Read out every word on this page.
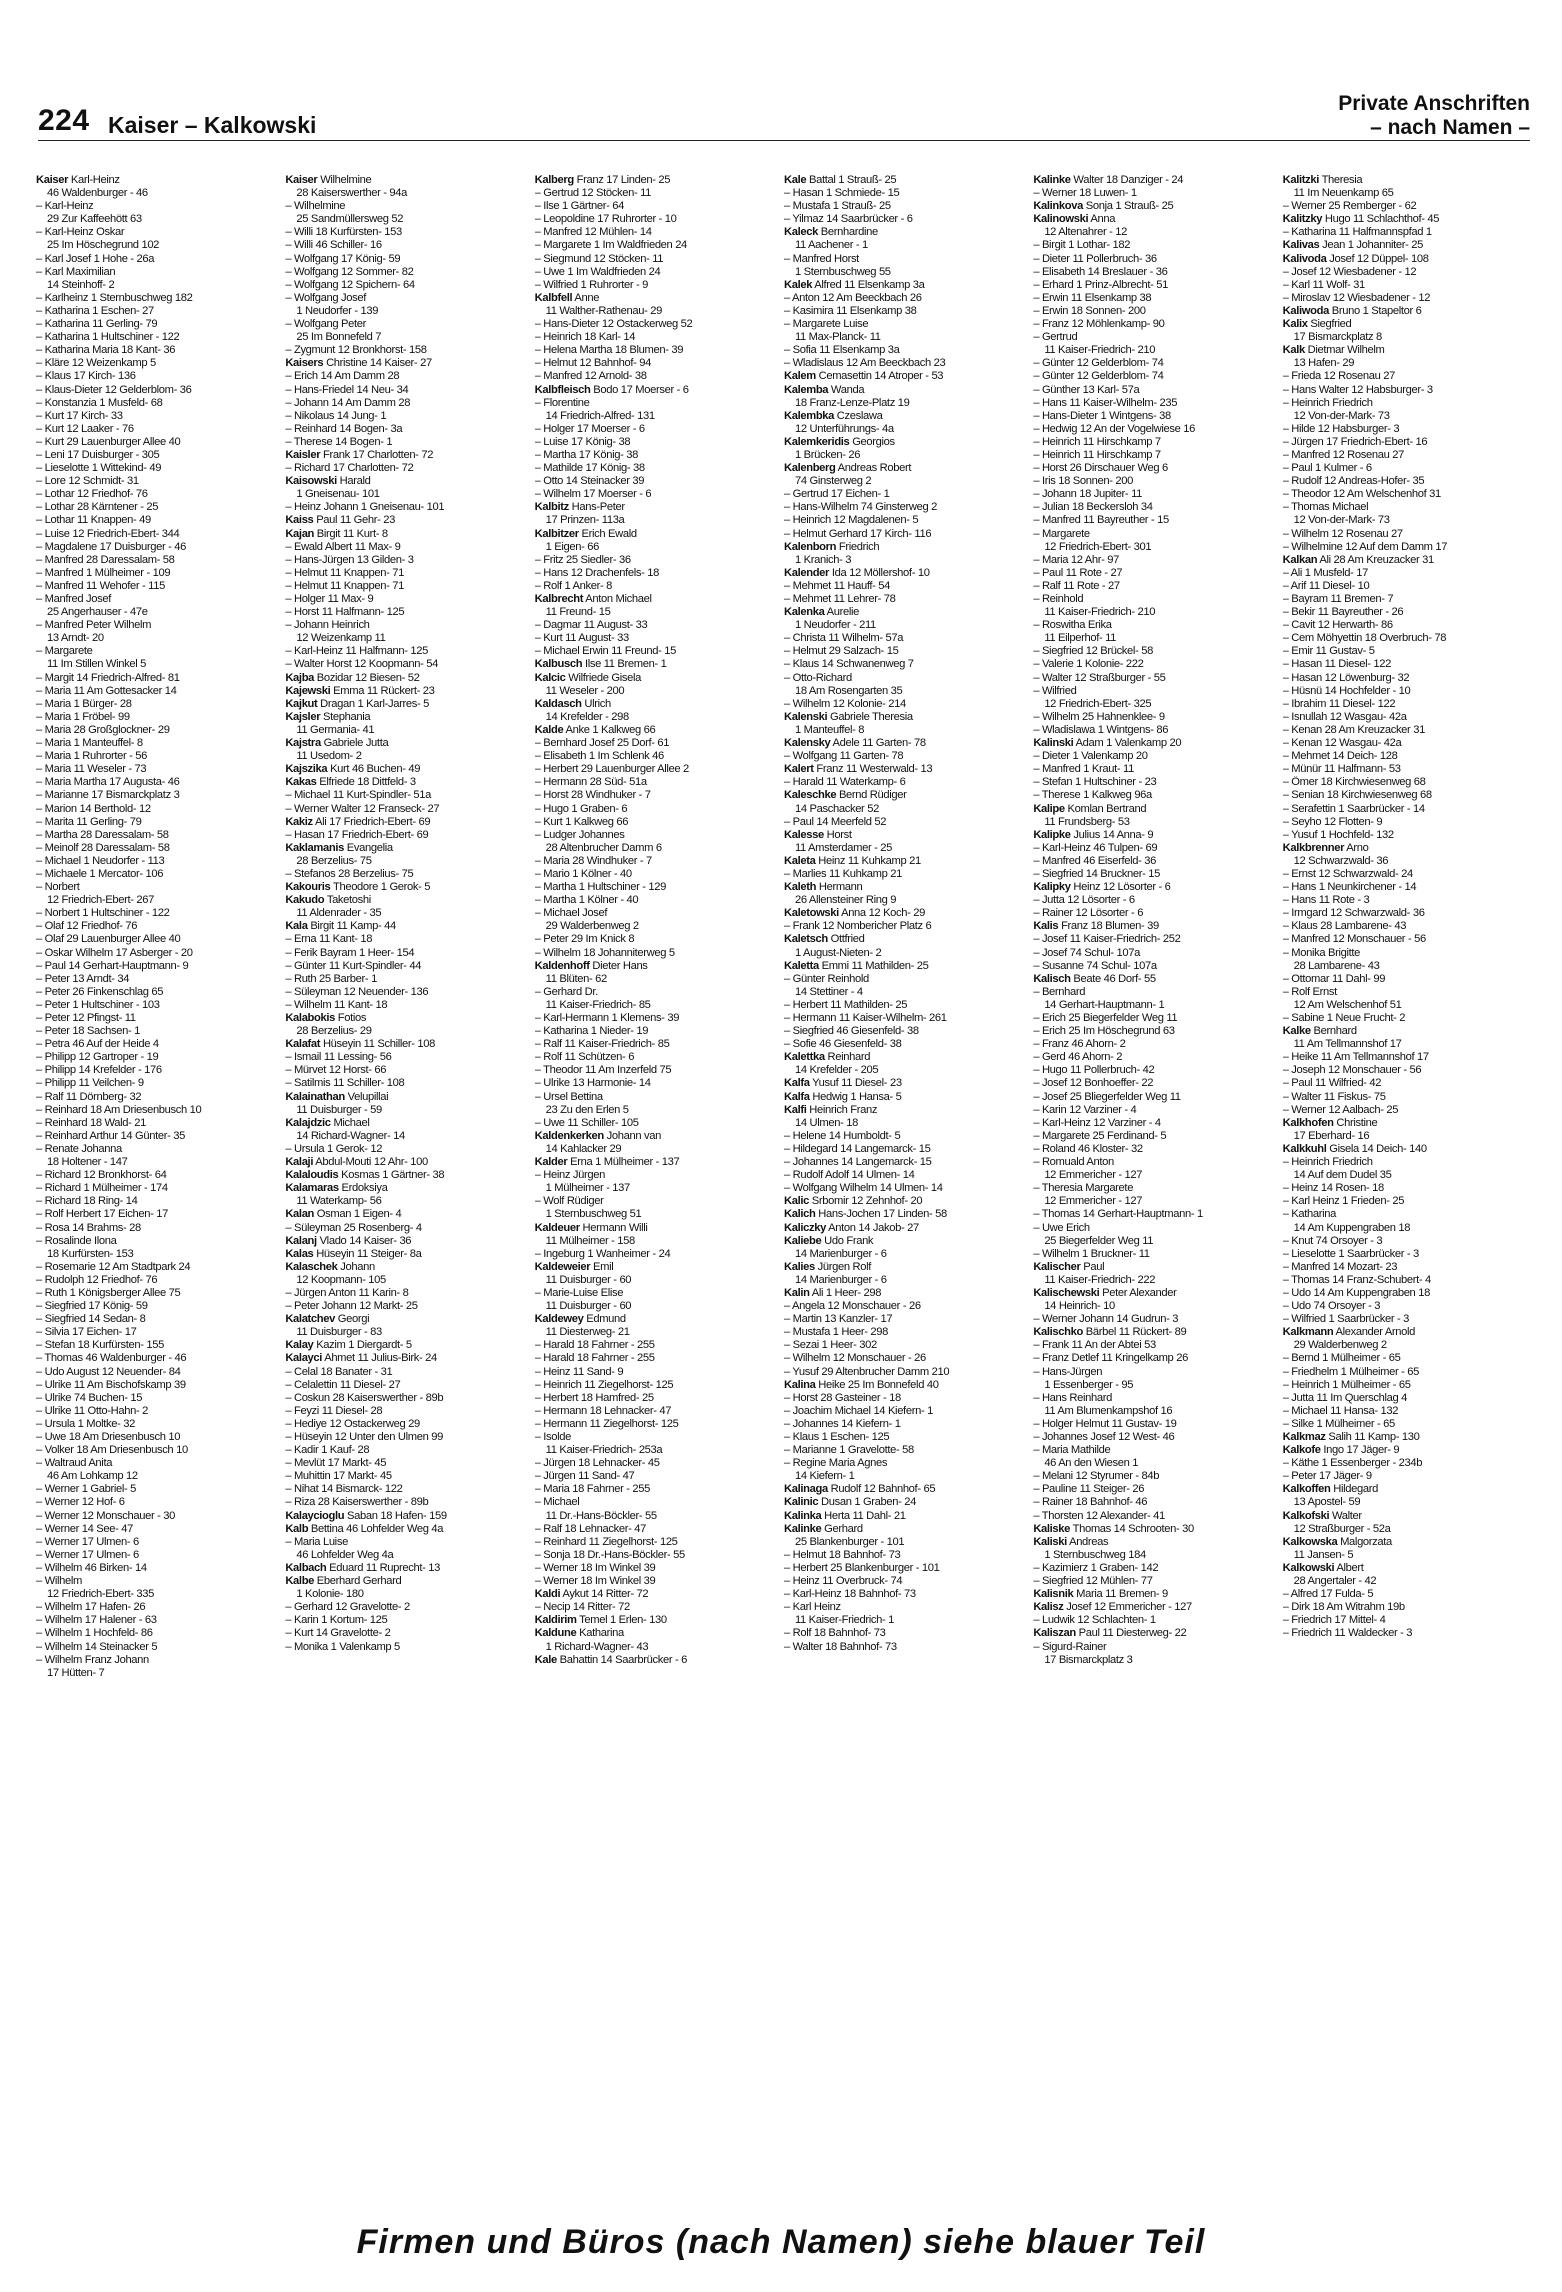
224 Kaiser – Kalkowski
Private Anschriften
– nach Namen –
Kaiser Karl-Heinz
46 Waldenburger - 46
– Karl-Heinz
29 Zur Kaffeehött 63
– Karl-Heinz Oskar
25 Im Höschegrund 102
– Karl Josef 1 Hohe - 26a
– Karl Maximilian
14 Steinhoff- 2
– Karlheinz 1 Sternbuschweg 182
– Katharina 1 Eschen- 27
– Katharina 11 Gerling- 79
– Katharina 1 Hultschiner - 122
– Katharina Maria 18 Kant- 36
– Kläre 12 Weizenkamp 5
– Klaus 17 Kirch- 136
– Klaus-Dieter 12 Gelderblom- 36
– Konstanzia 1 Musfeld- 68
– Kurt 17 Kirch- 33
– Kurt 12 Laaker - 76
– Kurt 29 Lauenburger Allee 40
– Leni 17 Duisburger - 305
– Lieselotte 1 Wittekind- 49
– Lore 12 Schmidt- 31
– Lothar 12 Friedhof- 76
– Lothar 28 Kärntener - 25
– Lothar 11 Knappen- 49
– Luise 12 Friedrich-Ebert- 344
– Magdalene 17 Duisburger - 46
– Manfred 28 Daressalam- 58
– Manfred 1 Mülheimer - 109
– Manfred 11 Wehofer - 115
– Manfred Josef
25 Angerhauser - 47e
– Manfred Peter Wilhelm
13 Arndt- 20
– Margarete
11 Im Stillen Winkel 5
– Margit 14 Friedrich-Alfred- 81
– Maria 11 Am Gottesacker 14
– Maria 1 Bürger- 28
– Maria 1 Fröbel- 99
– Maria 28 Großglockner- 29
– Maria 1 Manteuffel- 8
– Maria 1 Ruhrorter - 56
– Maria 11 Weseler - 73
– Maria Martha 17 Augusta- 46
– Marianne 17 Bismarckplatz 3
– Marion 14 Berthold- 12
– Marita 11 Gerling- 79
– Martha 28 Daressalam- 58
– Meinolf 28 Daressalam- 58
– Michael 1 Neudorfer - 113
– Michaele 1 Mercator- 106
– Norbert
12 Friedrich-Ebert- 267
– Norbert 1 Hultschiner - 122
– Olaf 12 Friedhof- 76
– Olaf 29 Lauenburger Allee 40
– Oskar Wilhelm 17 Asberger - 20
– Paul 14 Gerhart-Hauptmann- 9
– Peter 13 Arndt- 34
– Peter 26 Finkenschlag 65
– Peter 1 Hultschiner - 103
– Peter 12 Pfingst- 11
– Peter 18 Sachsen- 1
– Petra 46 Auf der Heide 4
– Philipp 12 Gartroper - 19
– Philipp 14 Krefelder - 176
– Philipp 11 Veilchen- 9
– Ralf 11 Dörnberg- 32
– Reinhard 18 Am Driesenbusch 10
– Reinhard 18 Wald- 21
– Reinhard Arthur 14 Günter- 35
– Renate Johanna
18 Holtener - 147
– Richard 12 Bronkhorst- 64
– Richard 1 Mülheimer - 174
– Richard 18 Ring- 14
– Rolf Herbert 17 Eichen- 17
– Rosa 14 Brahms- 28
– Rosalinde Ilona
18 Kurfürsten- 153
– Rosemarie 12 Am Stadtpark 24
– Rudolph 12 Friedhof- 76
– Ruth 1 Königsberger Allee 75
– Siegfried 17 König- 59
– Siegfried 14 Sedan- 8
– Silvia 17 Eichen- 17
– Stefan 18 Kurfürsten- 155
– Thomas 46 Waldenburger - 46
– Udo August 12 Neuender- 84
– Ulrike 11 Am Bischofskamp 39
– Ulrike 74 Buchen- 15
– Ulrike 11 Otto-Hahn- 2
– Ursula 1 Moltke- 32
– Uwe 18 Am Driesenbusch 10
– Volker 18 Am Driesenbusch 10
– Waltraud Anita
46 Am Lohkamp 12
– Werner 1 Gabriel- 5
– Werner 12 Hof- 6
– Werner 12 Monschauer - 30
– Werner 14 See- 47
– Werner 17 Ulmen- 6
– Werner 17 Ulmen- 6
– Wilhelm 46 Birken- 14
– Wilhelm
12 Friedrich-Ebert- 335
– Wilhelm 17 Hafen- 26
– Wilhelm 17 Halener - 63
– Wilhelm 1 Hochfeld- 86
– Wilhelm 14 Steinacker 5
– Wilhelm Franz Johann
17 Hütten- 7
Kaiser Wilhelmine
28 Kaiserswerther - 94a
– Wilhelmine
25 Sandmüllersweg 52
– Willi 18 Kurfürsten- 153
– Willi 46 Schiller- 16
– Wolfgang 17 König- 59
– Wolfgang 12 Sommer- 82
– Wolfgang 12 Spichern- 64
– Wolfgang Josef
1 Neudorfer - 139
– Wolfgang Peter
25 Im Bonnefeld 7
– Zygmunt 12 Bronkhorst- 158
Kaisers Christine 14 Kaiser- 27
– Erich 14 Am Damm 28
– Hans-Friedel 14 Neu- 34
– Johann 14 Am Damm 28
– Nikolaus 14 Jung- 1
– Reinhard 14 Bogen- 3a
– Therese 14 Bogen- 1
Kaisler Frank 17 Charlotten- 72
– Richard 17 Charlotten- 72
Kaisowski Harald
1 Gneisenau- 101
– Heinz Johann 1 Gneisenau- 101
Kaiss Paul 11 Gehr- 23
Kajan Birgit 11 Kurt- 8
– Ewald Albert 11 Max- 9
– Hans-Jürgen 13 Gilden- 3
– Helmut 11 Knappen- 71
– Helmut 11 Knappen- 71
– Holger 11 Max- 9
– Horst 11 Halfmann- 125
– Johann Heinrich
12 Weizenkamp 11
– Karl-Heinz 11 Halfmann- 125
– Walter Horst 12 Koopmann- 54
Kajba Bozidar 12 Biesen- 52
Kajewski Emma 11 Rückert- 23
Kajkut Dragan 1 Karl-Jarres- 5
Kajsler Stephania
11 Germania- 41
Kajstra Gabriele Jutta
11 Usedom- 2
Kajszika Kurt 46 Buchen- 49
Kakas Elfriede 18 Dittfeld- 3
– Michael 11 Kurt-Spindler- 51a
– Werner Walter 12 Franseck- 27
Kakiz Ali 17 Friedrich-Ebert- 69
– Hasan 17 Friedrich-Ebert- 69
Kaklamanis Evangelia
28 Berzelius- 75
– Stefanos 28 Berzelius- 75
Kakouris Theodore 1 Gerok- 5
Kakudo Taketoshi
11 Aldenrader - 35
Kala Birgit 11 Kamp- 44
– Erna 11 Kant- 18
– Ferik Bayram 1 Heer- 154
– Günter 11 Kurt-Spindler- 44
– Ruth 25 Barber- 1
– Süleyman 12 Neuender- 136
– Wilhelm 11 Kant- 18
Kalabokis Fotios
28 Berzelius- 29
Kalafat Hüseyin 11 Schiller- 108
– Ismail 11 Lessing- 56
– Mürvet 12 Horst- 66
– Satilmis 11 Schiller- 108
Kalainathan Velupillai
11 Duisburger - 59
Kalajdzic Michael
14 Richard-Wagner- 14
– Ursula 1 Gerok- 12
Kalaji Abdul-Mouti 12 Ahr- 100
Kalaloudis Kosmas 1 Gärtner- 38
Kalamaras Erdoksiya
11 Waterkamp- 56
Kalan Osman 1 Eigen- 4
– Süleyman 25 Rosenberg- 4
Kalanj Vlado 14 Kaiser- 36
Kalas Hüseyin 11 Steiger- 8a
Kalaschek Johann
12 Koopmann- 105
– Jürgen Anton 11 Karin- 8
– Peter Johann 12 Markt- 25
Kalatchev Georgi
11 Duisburger - 83
Kalay Kazim 1 Diergardt- 5
Kalayci Ahmet 11 Julius-Birk- 24
– Celal 18 Banater - 31
– Celalettin 11 Diesel- 27
– Coskun 28 Kaiserswerther - 89b
– Feyzi 11 Diesel- 28
– Hediye 12 Ostackerweg 29
– Hüseyin 12 Unter den Ulmen 99
– Kadir 1 Kauf- 28
– Mevlüt 17 Markt- 45
– Muhittin 17 Markt- 45
– Nihat 14 Bismarck- 122
– Riza 28 Kaiserswerther - 89b
Kalaycioglu Saban 18 Hafen- 159
Kalb Bettina 46 Lohfelder Weg 4a
– Maria Luise
46 Lohfelder Weg 4a
Kalbach Eduard 11 Ruprecht- 13
Kalbe Eberhard Gerhard
1 Kolonie- 180
– Gerhard 12 Gravelotte- 2
– Karin 1 Kortum- 125
– Kurt 14 Gravelotte- 2
– Monika 1 Valenkamp 5
Kalberg Franz 17 Linden- 25
– Gertrud 12 Stöcken- 11
– Ilse 1 Gärtner- 64
– Leopoldine 17 Ruhrorter - 10
– Manfred 12 Mühlen- 14
– Margarete 1 Im Waldfrieden 24
– Siegmund 12 Stöcken- 11
– Uwe 1 Im Waldfrieden 24
– Wilfried 1 Ruhrorter - 9
Kalbfell Anne
11 Walther-Rathenau- 29
– Hans-Dieter 12 Ostackerweg 52
– Heinrich 18 Karl- 14
– Helena Martha 18 Blumen- 39
– Helmut 12 Bahnhof- 94
– Manfred 12 Arnold- 38
Kalbfleisch Bodo 17 Moerser - 6
– Florentine
14 Friedrich-Alfred- 131
– Holger 17 Moerser - 6
– Luise 17 König- 38
– Martha 17 König- 38
– Mathilde 17 König- 38
– Otto 14 Steinacker 39
– Wilhelm 17 Moerser - 6
Kalbitz Hans-Peter
17 Prinzen- 113a
Kalbitzer Erich Ewald
1 Eigen- 66
– Fritz 25 Siedler- 36
– Hans 12 Drachenfels- 18
– Rolf 1 Anker- 8
Kalbrecht Anton Michael
11 Freund- 15
– Dagmar 11 August- 33
– Kurt 11 August- 33
– Michael Erwin 11 Freund- 15
Kalbusch Ilse 11 Bremen- 1
Kalcic Wilfriede Gisela
11 Weseler - 200
Kaldasch Ulrich
14 Krefelder - 298
Kalde Anke 1 Kalkweg 66
– Bernhard Josef 25 Dorf- 61
– Elisabeth 1 Im Schlenk 46
– Herbert 29 Lauenburger Allee 2
– Hermann 28 Süd- 51a
– Horst 28 Windhuker - 7
– Hugo 1 Graben- 6
– Kurt 1 Kalkweg 66
– Ludger Johannes
28 Altenbrucher Damm 6
– Maria 28 Windhuker - 7
– Mario 1 Kölner - 40
– Martha 1 Hultschiner - 129
– Martha 1 Kölner - 40
– Michael Josef
29 Walderbenweg 2
– Peter 29 Im Knick 8
– Wilhelm 18 Johanniterweg 5
Kaldenhoff Dieter Hans
11 Blüten- 62
– Gerhard Dr.
11 Kaiser-Friedrich- 85
– Karl-Hermann 1 Klemens- 39
– Katharina 1 Nieder- 19
– Ralf 11 Kaiser-Friedrich- 85
– Rolf 11 Schützen- 6
– Theodor 11 Am Inzerfeld 75
– Ulrike 13 Harmonie- 14
– Ursel Bettina
23 Zu den Erlen 5
– Uwe 11 Schiller- 105
Kaldenkerken Johann van
14 Kahlacker 29
Kalder Erna 1 Mülheimer - 137
– Heinz Jürgen
1 Mülheimer - 137
– Wolf Rüdiger
1 Sternbuschweg 51
Kaldeuer Hermann Willi
11 Mülheimer - 158
– Ingeburg 1 Wanheimer - 24
Kaldeweier Emil
11 Duisburger - 60
– Marie-Luise Elise
11 Duisburger - 60
Kaldewey Edmund
11 Diesterweg- 21
– Harald 18 Fahrner - 255
– Harald 18 Fahrner - 255
– Heinz 11 Sand- 9
– Heinrich 11 Ziegelhorst- 125
– Herbert 18 Hamfred- 25
– Hermann 18 Lehnacker- 47
– Hermann 11 Ziegelhorst- 125
– Isolde
11 Kaiser-Friedrich- 253a
– Jürgen 18 Lehnacker- 45
– Jürgen 11 Sand- 47
– Maria 18 Fahrner - 255
– Michael
11 Dr.-Hans-Böckler- 55
– Ralf 18 Lehnacker- 47
– Reinhard 11 Ziegelhorst- 125
– Sonja 18 Dr.-Hans-Böckler- 55
– Werner 18 Im Winkel 39
– Werner 18 Im Winkel 39
Kaldi Aykut 14 Ritter- 72
– Necip 14 Ritter- 72
Kaldirim Temel 1 Erlen- 130
Kaldune Katharina
1 Richard-Wagner- 43
Kale Bahattin 14 Saarbrücker - 6
Kale Battal 1 Strauß- 25
– Hasan 1 Schmiede- 15
– Mustafa 1 Strauß- 25
– Yilmaz 14 Saarbrücker - 6
Kaleck Bernhardine
11 Aachener - 1
– Manfred Horst
1 Sternbuschweg 55
Kalek Alfred 11 Elsenkamp 3a
– Anton 12 Am Beeckbach 26
– Kasimira 11 Elsenkamp 38
– Margarete Luise
11 Max-Planck- 11
– Sofia 11 Elsenkamp 3a
– Wladislaus 12 Am Beeckbach 23
Kalem Cemasettin 14 Atroper - 53
Kalemba Wanda
18 Franz-Lenze-Platz 19
Kalembka Czeslawa
12 Unterführungs- 4a
Kalemkeridis Georgios
1 Brücken- 26
Kalenberg Andreas Robert
74 Ginsterweg 2
– Gertrud 17 Eichen- 1
– Hans-Wilhelm 74 Ginsterweg 2
– Heinrich 12 Magdalenen- 5
– Helmut Gerhard 17 Kirch- 116
Kalenborn Friedrich
1 Kranich- 3
Kalender Ida 12 Möllershof- 10
– Mehmet 11 Hauff- 54
– Mehmet 11 Lehrer- 78
Kalenka Aurelie
1 Neudorfer - 211
– Christa 11 Wilhelm- 57a
– Helmut 29 Salzach- 15
– Klaus 14 Schwanenweg 7
– Otto-Richard
18 Am Rosengarten 35
– Wilhelm 12 Kolonie- 214
Kalenski Gabriele Theresia
1 Manteuffel- 8
Kalensky Adele 11 Garten- 78
– Wolfgang 11 Garten- 78
Kalert Franz 11 Westerwald- 13
– Harald 11 Waterkamp- 6
Kaleschke Bernd Rüdiger
14 Paschacker 52
– Paul 14 Meerfeld 52
Kalesse Horst
11 Amsterdamer - 25
Kaleta Heinz 11 Kuhkamp 21
– Marlies 11 Kuhkamp 21
Kaleth Hermann
26 Allensteiner Ring 9
Kaletowski Anna 12 Koch- 29
– Frank 12 Nombericher Platz 6
Kaletsch Ottfried
1 August-Nieten- 2
Kaletta Emmi 11 Mathilden- 25
– Günter Reinhold
14 Stettiner - 4
– Herbert 11 Mathilden- 25
– Hermann 11 Kaiser-Wilhelm- 261
– Siegfried 46 Giesenfeld- 38
– Sofie 46 Giesenfeld- 38
Kalettka Reinhard
14 Krefelder - 205
Kalfa Yusuf 11 Diesel- 23
Kalfa Hedwig 1 Hansa- 5
Kalfi Heinrich Franz
14 Ulmen- 18
– Helene 14 Humboldt- 5
– Hildegard 14 Langemarck- 15
– Johannes 14 Langemarck- 15
– Rudolf Adolf 14 Ulmen- 14
– Wolfgang Wilhelm 14 Ulmen- 14
Kalic Srbomir 12 Zehnhof- 20
Kalich Hans-Jochen 17 Linden- 58
Kaliczky Anton 14 Jakob- 27
Kaliebe Udo Frank
14 Marienburger - 6
Kalies Jürgen Rolf
14 Marienburger - 6
Kalin Ali 1 Heer- 298
– Angela 12 Monschauer - 26
– Martin 13 Kanzler- 17
– Mustafa 1 Heer- 298
– Sezai 1 Heer- 302
– Wilhelm 12 Monschauer - 26
– Yusuf 29 Altenbrucher Damm 210
Kalina Heike 25 Im Bonnefeld 40
– Horst 28 Gasteiner - 18
– Joachim Michael 14 Kiefern- 1
– Johannes 14 Kiefern- 1
– Klaus 1 Eschen- 125
– Marianne 1 Gravelotte- 58
– Regine Maria Agnes
14 Kiefern- 1
Kalinaga Rudolf 12 Bahnhof- 65
Kalinic Dusan 1 Graben- 24
Kalinka Herta 11 Dahl- 21
Kalinke Gerhard
25 Blankenburger - 101
– Helmut 18 Bahnhof- 73
– Herbert 25 Blankenburger - 101
– Heinz 11 Overbruck- 74
– Karl-Heinz 18 Bahnhof- 73
– Karl Heinz
11 Kaiser-Friedrich- 1
– Rolf 18 Bahnhof- 73
– Walter 18 Bahnhof- 73
Kalinke Walter 18 Danziger - 24
– Werner 18 Luwen- 1
Kalinkova Sonja 1 Strauß- 25
Kalinowski Anna
12 Altenahrer - 12
– Birgit 1 Lothar- 182
– Dieter 11 Pollerbruch- 36
– Elisabeth 14 Breslauer - 36
– Erhard 1 Prinz-Albrecht- 51
– Erwin 11 Elsenkamp 38
– Erwin 18 Sonnen- 200
– Franz 12 Möhlenkamp- 90
– Gertrud
11 Kaiser-Friedrich- 210
– Günter 12 Gelderblom- 74
– Günter 12 Gelderblom- 74
– Günther 13 Karl- 57a
– Hans 11 Kaiser-Wilhelm- 235
– Hans-Dieter 1 Wintgens- 38
– Hedwig 12 An der Vogelwiese 16
– Heinrich 11 Hirschkamp 7
– Heinrich 11 Hirschkamp 7
– Horst 26 Dirschauer Weg 6
– Iris 18 Sonnen- 200
– Johann 18 Jupiter- 11
– Julian 18 Beckersloh 34
– Manfred 11 Bayreuther - 15
– Margarete
12 Friedrich-Ebert- 301
– Maria 12 Ahr- 97
– Paul 11 Rote - 27
– Ralf 11 Rote - 27
– Reinhold
11 Kaiser-Friedrich- 210
– Roswitha Erika
11 Eilperhof- 11
– Siegfried 12 Brückel- 58
– Valerie 1 Kolonie- 222
– Walter 12 Straßburger - 55
– Wilfried
12 Friedrich-Ebert- 325
– Wilhelm 25 Hahnenklee- 9
– Wladislawa 1 Wintgens- 86
Kalinski Adam 1 Valenkamp 20
– Dieter 1 Valenkamp 20
– Manfred 1 Kraut- 11
– Stefan 1 Hultschiner - 23
– Therese 1 Kalkweg 96a
Kalipe Komlan Bertrand
11 Frundsberg- 53
Kalipke Julius 14 Anna- 9
– Karl-Heinz 46 Tulpen- 69
– Manfred 46 Eiserfeld- 36
– Siegfried 14 Bruckner- 15
Kalipky Heinz 12 Lösorter - 6
– Jutta 12 Lösorter - 6
– Rainer 12 Lösorter - 6
Kalis Franz 18 Blumen- 39
– Josef 11 Kaiser-Friedrich- 252
– Josef 74 Schul- 107a
– Susanne 74 Schul- 107a
Kalisch Beate 46 Dorf- 55
– Bernhard
14 Gerhart-Hauptmann- 1
– Erich 25 Biegerfelder Weg 11
– Erich 25 Im Höschegrund 63
– Franz 46 Ahorn- 2
– Gerd 46 Ahorn- 2
– Hugo 11 Pollerbruch- 42
– Josef 12 Bonhoeffer- 22
– Josef 25 Bliegerfelder Weg 11
– Karin 12 Varziner - 4
– Karl-Heinz 12 Varziner - 4
– Margarete 25 Ferdinand- 5
– Roland 46 Kloster- 32
– Romuald Anton
12 Emmericher - 127
– Theresia Margarete
12 Emmericher - 127
– Thomas 14 Gerhart-Hauptmann- 1
– Uwe Erich
25 Biegerfelder Weg 11
– Wilhelm 1 Bruckner- 11
Kalischer Paul
11 Kaiser-Friedrich- 222
Kalischewski Peter Alexander
14 Heinrich- 10
– Werner Johann 14 Gudrun- 3
Kalischko Bärbel 11 Rückert- 89
– Frank 11 An der Abtei 53
– Franz Detlef 11 Kringelkamp 26
– Hans-Jürgen
1 Essenberger - 95
– Hans Reinhard
11 Am Blumenkampshof 16
– Holger Helmut 11 Gustav- 19
– Johannes Josef 12 West- 46
– Maria Mathilde
46 An den Wiesen 1
– Melani 12 Styrumer - 84b
– Pauline 11 Steiger- 26
– Rainer 18 Bahnhof- 46
– Thorsten 12 Alexander- 41
Kaliske Thomas 14 Schrooten- 30
Kaliski Andreas
1 Sternbuschweg 184
– Kazimierz 1 Graben- 142
– Siegfried 12 Mühlen- 77
Kalisnik Maria 11 Bremen- 9
Kalisz Josef 12 Emmericher - 127
– Ludwik 12 Schlachten- 1
Kaliszan Paul 11 Diesterweg- 22
– Sigurd-Rainer
17 Bismarckplatz 3
Kalitzki Theresia
11 Im Neuenkamp 65
– Werner 25 Remberger - 62
Kalitzky Hugo 11 Schlachthof- 45
– Katharina 11 Halfmannspfad 1
Kalivas Jean 1 Johanniter- 25
Kalivoda Josef 12 Düppel- 108
– Josef 12 Wiesbadener - 12
– Karl 11 Wolf- 31
– Miroslav 12 Wiesbadener - 12
Kaliwoda Bruno 1 Stapeltor 6
Kalix Siegfried
17 Bismarckplatz 8
Kalk Dietmar Wilhelm
13 Hafen- 29
– Frieda 12 Rosenau 27
– Hans Walter 12 Habsburger- 3
– Heinrich Friedrich
12 Von-der-Mark- 73
– Hilde 12 Habsburger- 3
– Jürgen 17 Friedrich-Ebert- 16
– Manfred 12 Rosenau 27
– Paul 1 Kulmer - 6
– Rudolf 12 Andreas-Hofer- 35
– Theodor 12 Am Welschenhof 31
– Thomas Michael
12 Von-der-Mark- 73
– Wilhelm 12 Rosenau 27
– Wilhelmine 12 Auf dem Damm 17
Kalkan Ali 28 Am Kreuzacker 31
– Ali 1 Musfeld- 17
– Arif 11 Diesel- 10
– Bayram 11 Bremen- 7
– Bekir 11 Bayreuther - 26
– Cavit 12 Herwarth- 86
– Cem Möhyettin 18 Overbruch- 78
– Emir 11 Gustav- 5
– Hasan 11 Diesel- 122
– Hasan 12 Löwenburg- 32
– Hüsnü 14 Hochfelder - 10
– Ibrahim 11 Diesel- 122
– Isnullah 12 Wasgau- 42a
– Kenan 28 Am Kreuzacker 31
– Kenan 12 Wasgau- 42a
– Mehmet 14 Deich- 128
– Münür 11 Halfmann- 53
– Ömer 18 Kirchwiesenweg 68
– Senian 18 Kirchwiesenweg 68
– Serafettin 1 Saarbrücker - 14
– Seyho 12 Flotten- 9
– Yusuf 1 Hochfeld- 132
Kalkbrenner Arno
12 Schwarzwald- 36
– Ernst 12 Schwarzwald- 24
– Hans 1 Neunkirchener - 14
– Hans 11 Rote - 3
– Irmgard 12 Schwarzwald- 36
– Klaus 28 Lambarene- 43
– Manfred 12 Monschauer - 56
– Monika Brigitte
28 Lambarene- 43
– Ottomar 11 Dahl- 99
– Rolf Ernst
12 Am Welschenhof 51
– Sabine 1 Neue Frucht- 2
Kalke Bernhard
11 Am Tellmannshof 17
– Heike 11 Am Tellmannshof 17
– Joseph 12 Monschauer - 56
– Paul 11 Wilfried- 42
– Walter 11 Fiskus- 75
– Werner 12 Aalbach- 25
Kalkhofen Christine
17 Eberhard- 16
Kalkkuhl Gisela 14 Deich- 140
– Heinrich Friedrich
14 Auf dem Dudel 35
– Heinz 14 Rosen- 18
– Karl Heinz 1 Frieden- 25
– Katharina
14 Am Kuppengraben 18
– Knut 74 Orsoyer - 3
– Lieselotte 1 Saarbrücker - 3
– Manfred 14 Mozart- 23
– Thomas 14 Franz-Schubert- 4
– Udo 14 Am Kuppengraben 18
– Udo 74 Orsoyer - 3
– Wilfried 1 Saarbrücker - 3
Kalkmann Alexander Arnold
29 Walderbenweg 2
– Bernd 1 Mülheimer - 65
– Friedhelm 1 Mülheimer - 65
– Heinrich 1 Mülheimer - 65
– Jutta 11 Im Querschlag 4
– Michael 11 Hansa- 132
– Silke 1 Mülheimer - 65
Kalkmaz Salih 11 Kamp- 130
Kalkofe Ingo 17 Jäger- 9
– Käthe 1 Essenberger - 234b
– Peter 17 Jäger- 9
Kalkoffen Hildegard
13 Apostel- 59
Kalkofski Walter
12 Straßburger - 52a
Kalkowska Malgorzata
11 Jansen- 5
Kalkowski Albert
28 Angertaler - 42
– Alfred 17 Fulda- 5
– Dirk 18 Am Witrahm 19b
– Friedrich 17 Mittel- 4
– Friedrich 11 Waldecker - 3
Firmen und Büros (nach Namen) siehe blauer Teil
